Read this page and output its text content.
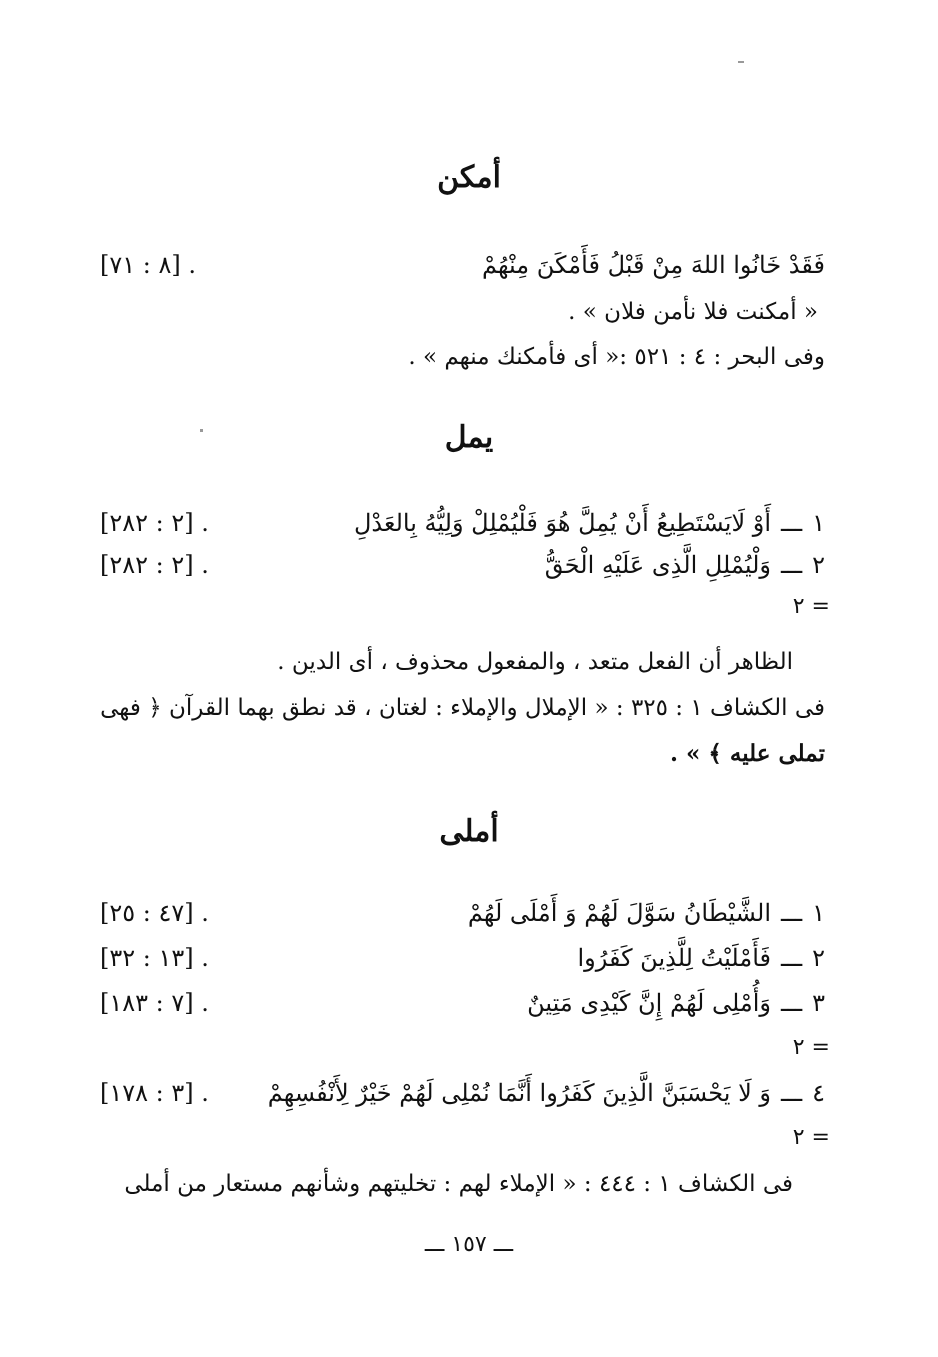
أمكن
فَقَدْ خَانُوا اللهَ مِنْ قَبْلُ فَأَمْكَنَ مِنْهُمْ
[٨ : ٧١] .
« أمكنت فلا نأمن فلان » .
وفى البحر : ٤ : ٥٢١ :« أى فأمكنك منهم » .
يمل
١ـــأَوْ لَايَسْتَطِيعُ أَنْ يُمِلَّ هُوَ فَلْيُمْلِلْ وَلِيُّهُ بِالعَدْلِ
[٢ : ٢٨٢] .
٢ـــوَلْيُمْلِلِ الَّذِى عَلَيْهِ الْحَقُّ
[٢ : ٢٨٢] .
= ٢
الظاهر أن الفعل متعد ، والمفعول محذوف ، أى الدين .
فى الكشاف ١ : ٣٢٥ : « الإملال والإملاء : لغتان ، قد نطق بهما القرآن ﴿ فهى
تملى عليه ﴾ » .
أملى
١ـــالشَّيْطَانُ سَوَّلَ لَهُمْ وَ أَمْلَى لَهُمْ
[٤٧ : ٢٥] .
٢ـــفَأَمْلَيْتُ لِلَّذِينَ كَفَرُوا
[١٣ : ٣٢] .
٣ـــوَأُمْلِى لَهُمْ إِنَّ كَيْدِى مَتِينٌ
[٧ : ١٨٣] .
= ٢
٤ـــوَ لَا يَحْسَبَنَّ الَّذِينَ كَفَرُوا أَنَّمَا نُمْلِى لَهُمْ خَيْرٌ لِأَنْفُسِهِمْ
[٣ : ١٧٨] .
= ٢
فى الكشاف ١ : ٤٤٤ : « الإملاء لهم : تخليتهم وشأنهم مستعار من أملى
ـــ ١٥٧ ـــ
